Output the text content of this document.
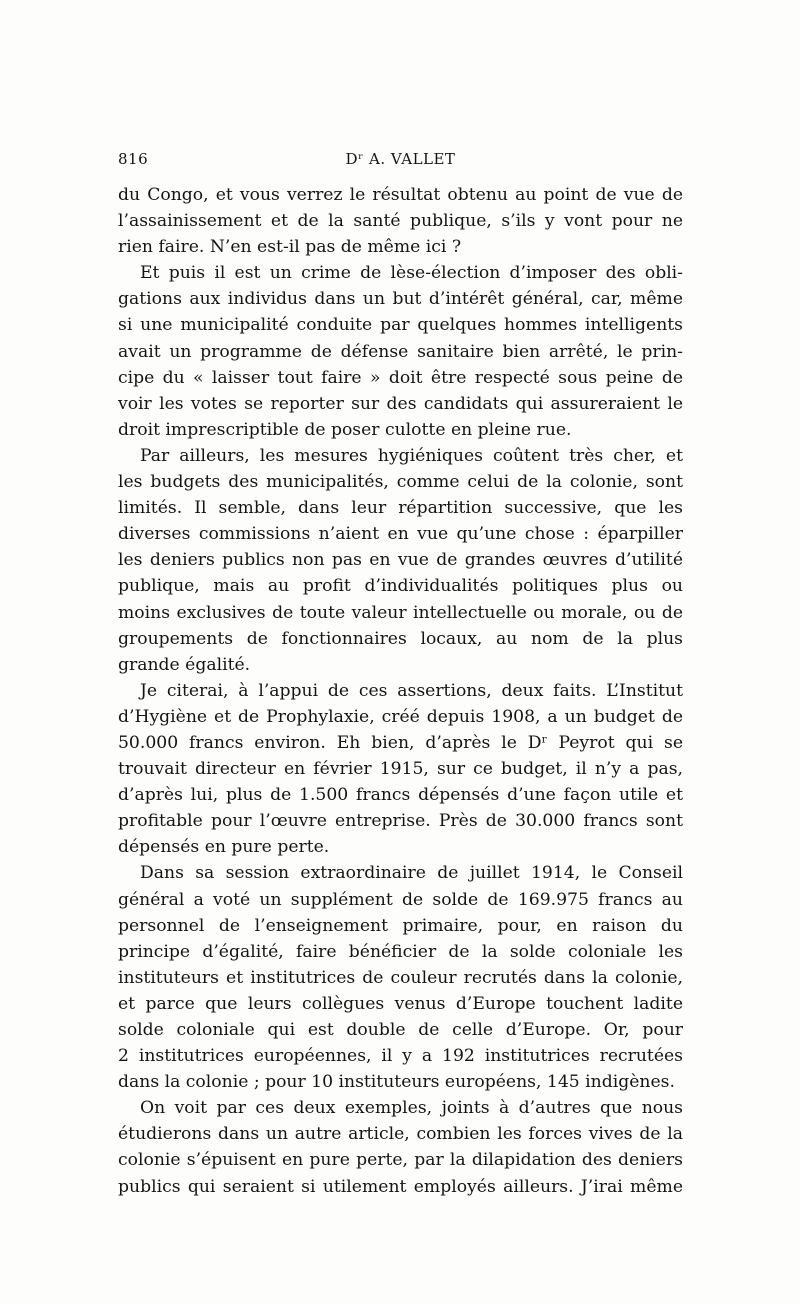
816	Dʳ A. VALLET
du Congo, et vous verrez le résultat obtenu au point de vue de
l’assainissement et de la santé publique, s’ils y vont pour ne
rien faire. N’en est-il pas de même ici ?
Et puis il est un crime de lèse-élection d’imposer des obli-
gations aux individus dans un but d’intérêt général, car, même
si une municipalité conduite par quelques hommes intelligents
avait un programme de défense sanitaire bien arrêté, le prin-
cipe du « laisser tout faire » doit être respecté sous peine de
voir les votes se reporter sur des candidats qui assureraient le
droit imprescriptible de poser culotte en pleine rue.
Par ailleurs, les mesures hygiéniques coûtent très cher, et
les budgets des municipalités, comme celui de la colonie, sont
limités. Il semble, dans leur répartition successive, que les
diverses commissions n’aient en vue qu’une chose : éparpiller
les deniers publics non pas en vue de grandes œuvres d’utilité
publique, mais au profit d’individualités politiques plus ou
moins exclusives de toute valeur intellectuelle ou morale, ou de
groupements de fonctionnaires locaux, au nom de la plus
grande égalité.
Je citerai, à l’appui de ces assertions, deux faits. L’Institut
d’Hygiène et de Prophylaxie, créé depuis 1908, a un budget de
50.000 francs environ. Eh bien, d’après le Dʳ Peyrot qui se
trouvait directeur en février 1915, sur ce budget, il n’y a pas,
d’après lui, plus de 1.500 francs dépensés d’une façon utile et
profitable pour l’œuvre entreprise. Près de 30.000 francs sont
dépensés en pure perte.
Dans sa session extraordinaire de juillet 1914, le Conseil
général a voté un supplément de solde de 169.975 francs au
personnel de l’enseignement primaire, pour, en raison du
principe d’égalité, faire bénéficier de la solde coloniale les
instituteurs et institutrices de couleur recrutés dans la colonie,
et parce que leurs collègues venus d’Europe touchent ladite
solde coloniale qui est double de celle d’Europe. Or, pour
2 institutrices européennes, il y a 192 institutrices recrutées
dans la colonie ; pour 10 instituteurs européens, 145 indigènes.
On voit par ces deux exemples, joints à d’autres que nous
étudierons dans un autre article, combien les forces vives de la
colonie s’épuisent en pure perte, par la dilapidation des deniers
publics qui seraient si utilement employés ailleurs. J’irai même
